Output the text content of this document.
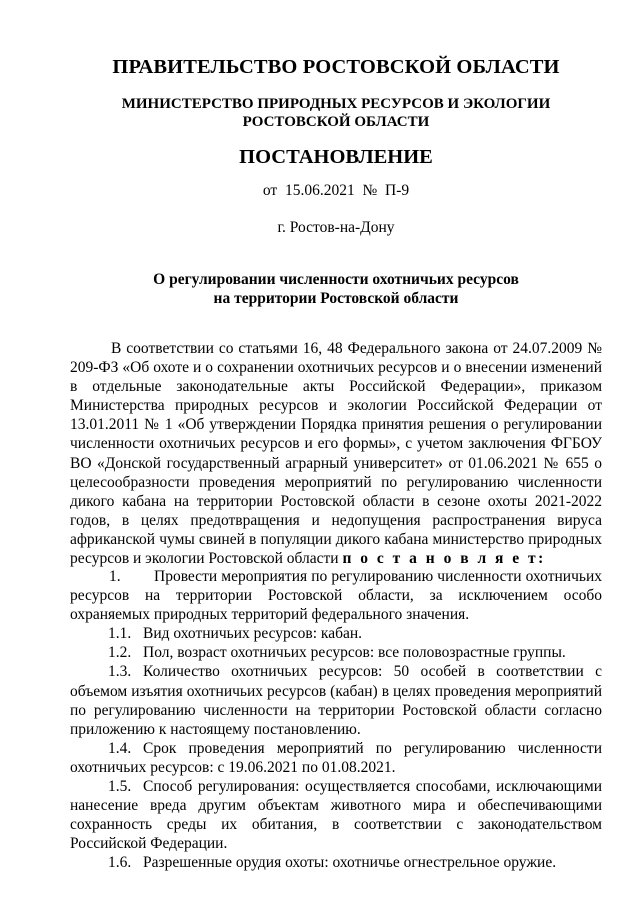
ПРАВИТЕЛЬСТВО РОСТОВСКОЙ ОБЛАСТИ
МИНИСТЕРСТВО ПРИРОДНЫХ РЕСУРСОВ И ЭКОЛОГИИ
РОСТОВСКОЙ ОБЛАСТИ
ПОСТАНОВЛЕНИЕ
от  15.06.2021  №  П-9
г. Ростов-на-Дону
О регулировании численности охотничьих ресурсов
на территории Ростовской области

В соответствии со статьями 16, 48 Федерального закона от 24.07.2009 № 209-ФЗ «Об охоте и о сохранении охотничьих ресурсов и о внесении изменений в отдельные законодательные акты Российской Федерации», приказом Министерства природных ресурсов и экологии Российской Федерации от 13.01.2011 № 1 «Об утверждении Порядка принятия решения о регулировании численности охотничьих ресурсов и его формы», с учетом заключения ФГБОУ ВО «Донской государственный аграрный университет» от 01.06.2021 № 655 о целесообразности проведения мероприятий по регулированию численности дикого кабана на территории Ростовской области в сезоне охоты 2021-2022 годов, в целях предотвращения и недопущения распространения вируса африканской чумы свиней в популяции дикого кабана министерство природных ресурсов и экологии Ростовской области п о с т а н о в л я е т:

1. Провести мероприятия по регулированию численности охотничьих ресурсов на территории Ростовской области, за исключением особо охраняемых природных территорий федерального значения.

1.1. Вид охотничьих ресурсов: кабан.

1.2. Пол, возраст охотничьих ресурсов: все половозрастные группы.

1.3. Количество охотничьих ресурсов: 50 особей в соответствии с объемом изъятия охотничьих ресурсов (кабан) в целях проведения мероприятий по регулированию численности на территории Ростовской области согласно приложению к настоящему постановлению.

1.4. Срок проведения мероприятий по регулированию численности охотничьих ресурсов: с 19.06.2021 по 01.08.2021.

1.5. Способ регулирования: осуществляется способами, исключающими нанесение вреда другим объектам животного мира и обеспечивающими сохранность среды их обитания, в соответствии с законодательством Российской Федерации.

1.6. Разрешенные орудия охоты: охотничье огнестрельное оружие.
